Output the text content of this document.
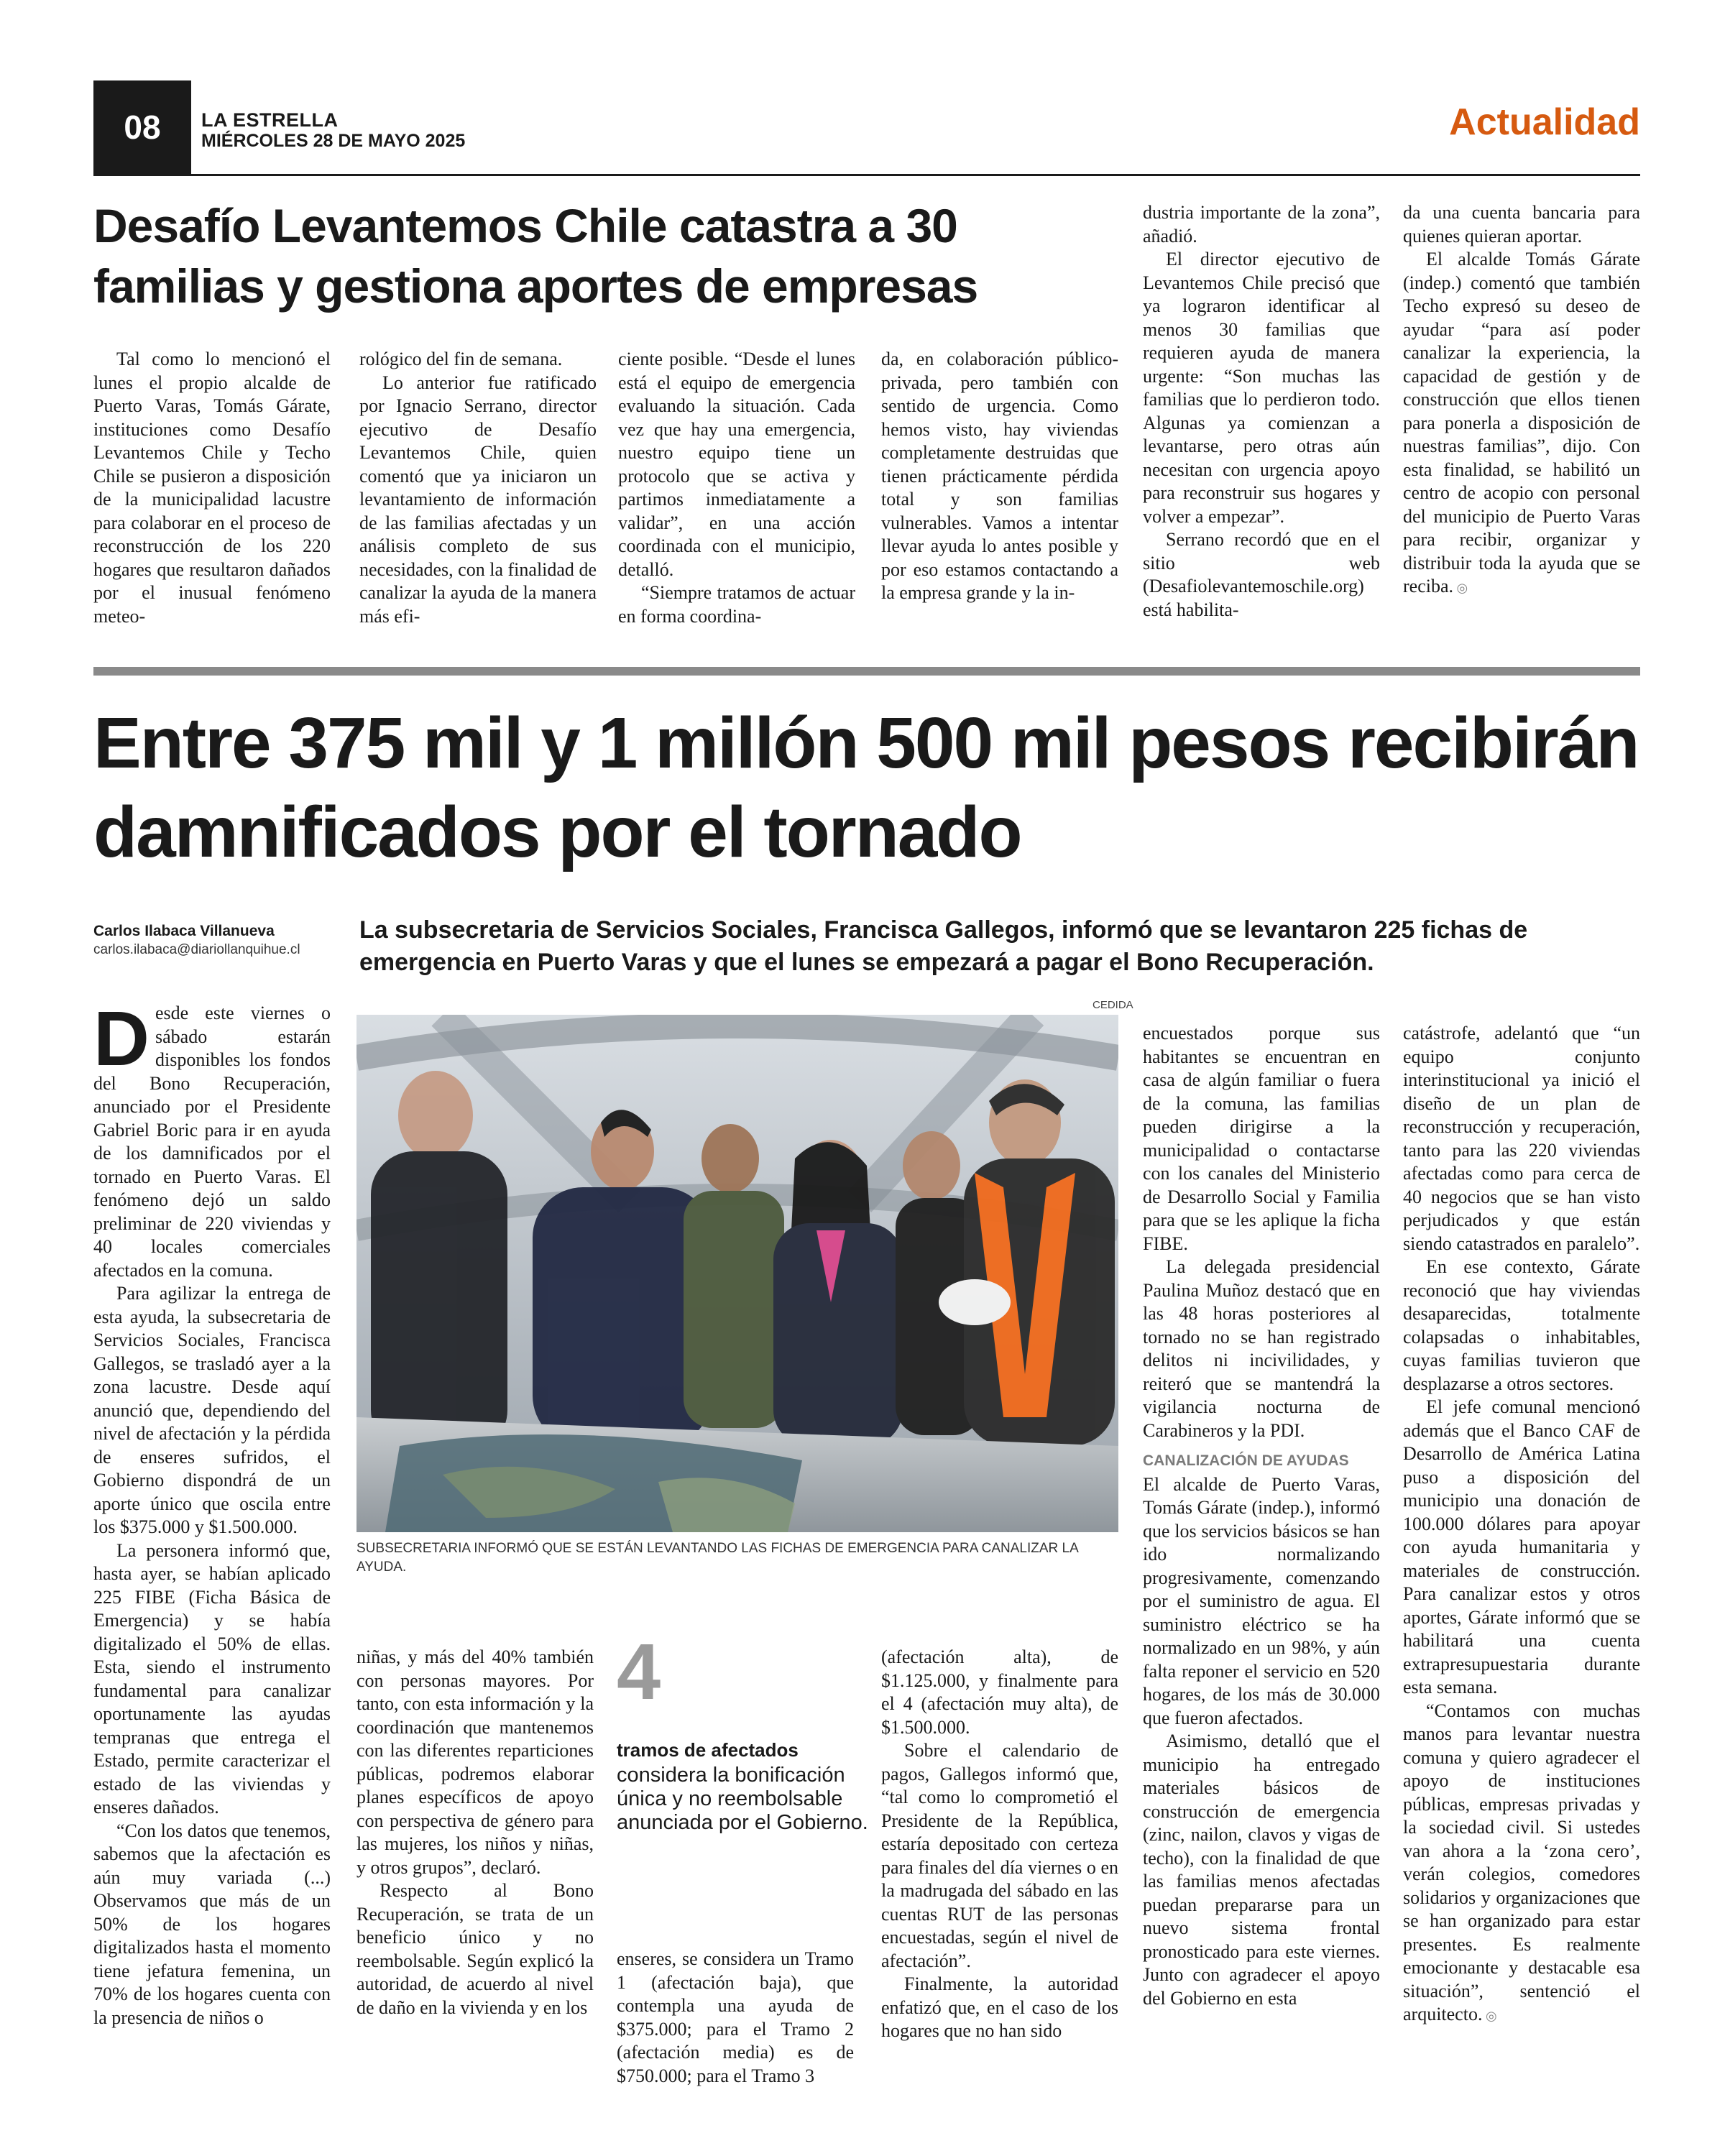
08	LA ESTRELLA
MIÉRCOLES 28 DE MAYO 2025	Actualidad
Desafío Levantemos Chile catastra a 30 familias y gestiona aportes de empresas

Tal como lo mencionó el lunes el propio alcalde de Puerto Varas, Tomás Gárate, instituciones como Desafío Levantemos Chile y Techo Chile se pusieron a disposición de la municipalidad lacustre para colaborar en el proceso de reconstrucción de los 220 hogares que resultaron dañados por el inusual fenómeno meteo-

rológico del fin de semana.

Lo anterior fue ratificado por Ignacio Serrano, director ejecutivo de Desafío Levantemos Chile, quien comentó que ya iniciaron un levantamiento de información de las familias afectadas y un análisis completo de sus necesidades, con la finalidad de canalizar la ayuda de la manera más efi-

ciente posible. “Desde el lunes está el equipo de emergencia evaluando la situación. Cada vez que hay una emergencia, nuestro equipo tiene un protocolo que se activa y partimos inmediatamente a validar”, en una acción coordinada con el municipio, detalló.

“Siempre tratamos de actuar en forma coordina-

da, en colaboración público-privada, pero también con sentido de urgencia. Como hemos visto, hay viviendas completamente destruidas que tienen prácticamente pérdida total y son familias vulnerables. Vamos a intentar llevar ayuda lo antes posible y por eso estamos contactando a la empresa grande y la in-

dustria importante de la zona”, añadió.

El director ejecutivo de Levantemos Chile precisó que ya lograron identificar al menos 30 familias que requieren ayuda de manera urgente: “Son muchas las familias que lo perdieron todo. Algunas ya comienzan a levantarse, pero otras aún necesitan con urgencia apoyo para reconstruir sus hogares y volver a empezar”.

Serrano recordó que en el sitio web (Desafiolevantemoschile.org) está habilita-

da una cuenta bancaria para quienes quieran aportar.

El alcalde Tomás Gárate (indep.) comentó que también Techo expresó su deseo de ayudar “para así poder canalizar la experiencia, la capacidad de gestión y de construcción que ellos tienen para ponerla a disposición de nuestras familias”, dijo. Con esta finalidad, se habilitó un centro de acopio con personal del municipio de Puerto Varas para recibir, organizar y distribuir toda la ayuda que se reciba. ◎

Entre 375 mil y 1 millón 500 mil pesos recibirán damnificados por el tornado
Carlos Ilabaca Villanueva
carlos.ilabaca@diariollanquihue.cl

La subsecretaria de Servicios Sociales, Francisca Gallegos, informó que se levantaron 225 fichas de emergencia en Puerto Varas y que el lunes se empezará a pagar el Bono Recuperación.

Desde este viernes o sábado estarán disponibles los fondos del Bono Recuperación, anunciado por el Presidente Gabriel Boric para ir en ayuda de los damnificados por el tornado en Puerto Varas. El fenómeno dejó un saldo preliminar de 220 viviendas y 40 locales comerciales afectados en la comuna.

Para agilizar la entrega de esta ayuda, la subsecretaria de Servicios Sociales, Francisca Gallegos, se trasladó ayer a la zona lacustre. Desde aquí anunció que, dependiendo del nivel de afectación y la pérdida de enseres sufridos, el Gobierno dispondrá de un aporte único que oscila entre los $375.000 y $1.500.000.

La personera informó que, hasta ayer, se habían aplicado 225 FIBE (Ficha Básica de Emergencia) y se había digitalizado el 50% de ellas. Esta, siendo el instrumento fundamental para canalizar oportunamente las ayudas tempranas que entrega el Estado, permite caracterizar el estado de las viviendas y enseres dañados.

“Con los datos que tenemos, sabemos que la afectación es aún muy variada (...) Observamos que más de un 50% de los hogares digitalizados hasta el momento tiene jefatura femenina, un 70% de los hogares cuenta con la presencia de niños o

CEDIDA

SUBSECRETARIA INFORMÓ QUE SE ESTÁN LEVANTANDO LAS FICHAS DE EMERGENCIA PARA CANALIZAR LA AYUDA.

niñas, y más del 40% también con personas mayores. Por tanto, con esta información y la coordinación que mantenemos con las diferentes reparticiones públicas, podremos elaborar planes específicos de apoyo con perspectiva de género para las mujeres, los niños y niñas, y otros grupos”, declaró.

Respecto al Bono Recuperación, se trata de un beneficio único y no reembolsable. Según explicó la autoridad, de acuerdo al nivel de daño en la vivienda y en los

4
tramos de afectados

considera la bonificación única y no reembolsable anunciada por el Gobierno.

enseres, se considera un Tramo 1 (afectación baja), que contempla una ayuda de $375.000; para el Tramo 2 (afectación media) es de $750.000; para el Tramo 3

(afectación alta), de $1.125.000, y finalmente para el 4 (afectación muy alta), de $1.500.000.

Sobre el calendario de pagos, Gallegos informó que, “tal como lo comprometió el Presidente de la República, estaría depositado con certeza para finales del día viernes o en la madrugada del sábado en las cuentas RUT de las personas encuestadas, según el nivel de afectación”.

Finalmente, la autoridad enfatizó que, en el caso de los hogares que no han sido

encuestados porque sus habitantes se encuentran en casa de algún familiar o fuera de la comuna, las familias pueden dirigirse a la municipalidad o contactarse con los canales del Ministerio de Desarrollo Social y Familia para que se les aplique la ficha FIBE.

La delegada presidencial Paulina Muñoz destacó que en las 48 horas posteriores al tornado no se han registrado delitos ni incivilidades, y reiteró que se mantendrá la vigilancia nocturna de Carabineros y la PDI.

CANALIZACIÓN DE AYUDAS

El alcalde de Puerto Varas, Tomás Gárate (indep.), informó que los servicios básicos se han ido normalizando progresivamente, comenzando por el suministro de agua. El suministro eléctrico se ha normalizado en un 98%, y aún falta reponer el servicio en 520 hogares, de los más de 30.000 que fueron afectados.

Asimismo, detalló que el municipio ha entregado materiales básicos de construcción de emergencia (zinc, nailon, clavos y vigas de techo), con la finalidad de que las familias menos afectadas puedan prepararse para un nuevo sistema frontal pronosticado para este viernes. Junto con agradecer el apoyo del Gobierno en esta

catástrofe, adelantó que “un equipo conjunto interinstitucional ya inició el diseño de un plan de reconstrucción y recuperación, tanto para las 220 viviendas afectadas como para cerca de 40 negocios que se han visto perjudicados y que están siendo catastrados en paralelo”.

En ese contexto, Gárate reconoció que hay viviendas desaparecidas, totalmente colapsadas o inhabitables, cuyas familias tuvieron que desplazarse a otros sectores.

El jefe comunal mencionó además que el Banco CAF de Desarrollo de América Latina puso a disposición del municipio una donación de 100.000 dólares para apoyar con ayuda humanitaria y materiales de construcción. Para canalizar estos y otros aportes, Gárate informó que se habilitará una cuenta extrapresupuestaria durante esta semana.

“Contamos con muchas manos para levantar nuestra comuna y quiero agradecer el apoyo de instituciones públicas, empresas privadas y la sociedad civil. Si ustedes van ahora a la ‘zona cero’, verán colegios, comedores solidarios y organizaciones que se han organizado para estar presentes. Es realmente emocionante y destacable esa situación”, sentenció el arquitecto. ◎
